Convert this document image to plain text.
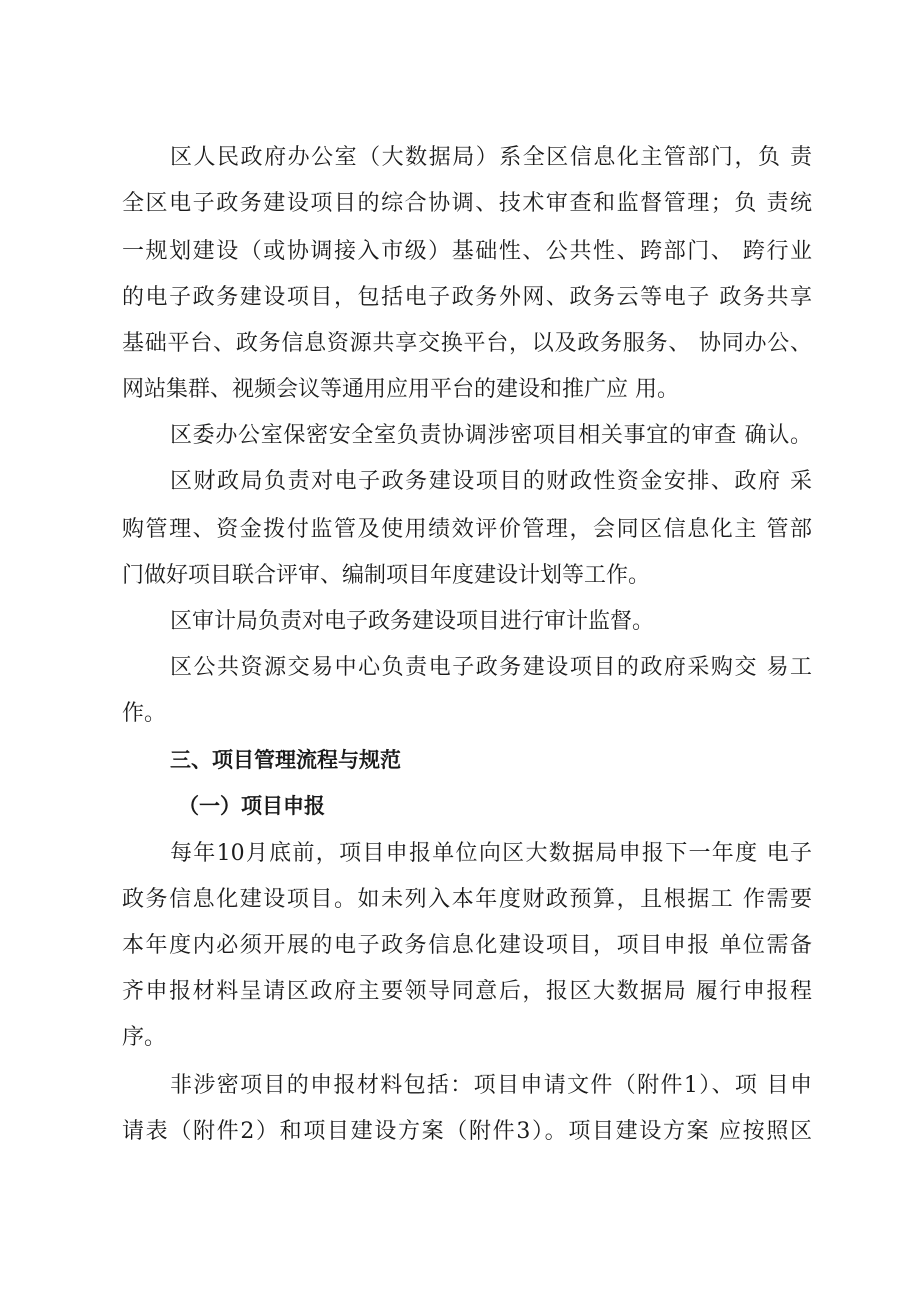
区人民政府办公室（大数据局）系全区信息化主管部门，负 责
全区电子政务建设项目的综合协调、技术审查和监督管理；负 责统
一规划建设（或协调接入市级）基础性、公共性、跨部门、 跨行业
的电子政务建设项目，包括电子政务外网、政务云等电子 政务共享
基础平台、政务信息资源共享交换平台，以及政务服务、 协同办公、
网站集群、视频会议等通用应用平台的建设和推广应 用。
区委办公室保密安全室负责协调涉密项目相关事宜的审查 确认。
区财政局负责对电子政务建设项目的财政性资金安排、政府 采
购管理、资金拨付监管及使用绩效评价管理，会同区信息化主 管部
门做好项目联合评审、编制项目年度建设计划等工作。
区审计局负责对电子政务建设项目进行审计监督。
区公共资源交易中心负责电子政务建设项目的政府采购交 易工
作。
三、项目管理流程与规范
（一）项目申报
每年10月底前，项目申报单位向区大数据局申报下一年度 电子
政务信息化建设项目。如未列入本年度财政预算，且根据工 作需要
本年度内必须开展的电子政务信息化建设项目，项目申报 单位需备
齐申报材料呈请区政府主要领导同意后，报区大数据局 履行申报程
序。
非涉密项目的申报材料包括：项目申请文件（附件1）、项 目申
请表（附件2）和项目建设方案（附件3）。项目建设方案 应按照区
